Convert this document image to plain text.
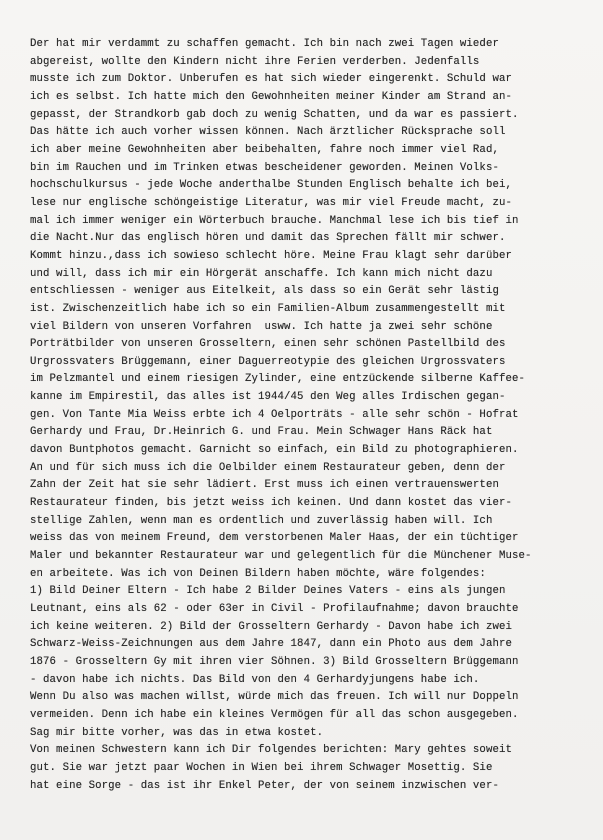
Der hat mir verdammt zu schaffen gemacht. Ich bin nach zwei Tagen wieder
abgereist, wollte den Kindern nicht ihre Ferien verderben. Jedenfalls
musste ich zum Doktor. Unberufen es hat sich wieder eingerenkt. Schuld war
ich es selbst. Ich hatte mich den Gewohnheiten meiner Kinder am Strand an-
gepasst, der Strandkorb gab doch zu wenig Schatten, und da war es passiert.
Das hätte ich auch vorher wissen können. Nach ärztlicher Rücksprache soll
ich aber meine Gewohnheiten aber beibehalten, fahre noch immer viel Rad,
bin im Rauchen und im Trinken etwas bescheidener geworden. Meinen Volks-
hochschulkursus - jede Woche anderthalbe Stunden Englisch behalte ich bei,
lese nur englische schöngeistige Literatur, was mir viel Freude macht, zu-
mal ich immer weniger ein Wörterbuch brauche. Manchmal lese ich bis tief in
die Nacht.Nur das englisch hören und damit das Sprechen fällt mir schwer.
Kommt hinzu.,dass ich sowieso schlecht höre. Meine Frau klagt sehr darüber
und will, dass ich mir ein Hörgerät anschaffe. Ich kann mich nicht dazu
entschliessen - weniger aus Eitelkeit, als dass so ein Gerät sehr lästig
ist. Zwischenzeitlich habe ich so ein Familien-Album zusammengestellt mit
viel Bildern von unseren Vorfahren  usww. Ich hatte ja zwei sehr schöne
Porträtbilder von unseren Grosseltern, einen sehr schönen Pastellbild des
Urgrossvaters Brüggemann, einer Daguerreotypie des gleichen Urgrossvaters
im Pelzmantel und einem riesigen Zylinder, eine entzückende silberne Kaffee-
kanne im Empirestil, das alles ist 1944/45 den Weg alles Irdischen gegan-
gen. Von Tante Mia Weiss erbte ich 4 Oelporträts - alle sehr schön - Hofrat
Gerhardy und Frau, Dr.Heinrich G. und Frau. Mein Schwager Hans Räck hat
davon Buntphotos gemacht. Garnicht so einfach, ein Bild zu photographieren.
An und für sich muss ich die Oelbilder einem Restaurateur geben, denn der
Zahn der Zeit hat sie sehr lädiert. Erst muss ich einen vertrauenswerten
Restaurateur finden, bis jetzt weiss ich keinen. Und dann kostet das vier-
stellige Zahlen, wenn man es ordentlich und zuverlässig haben will. Ich
weiss das von meinem Freund, dem verstorbenen Maler Haas, der ein tüchtiger
Maler und bekannter Restaurateur war und gelegentlich für die Münchener Muse-
en arbeitete. Was ich von Deinen Bildern haben möchte, wäre folgendes:
1) Bild Deiner Eltern - Ich habe 2 Bilder Deines Vaters - eins als jungen
Leutnant, eins als 62 - oder 63er in Civil - Profilaufnahme; davon brauchte
ich keine weiteren. 2) Bild der Grosseltern Gerhardy - Davon habe ich zwei
Schwarz-Weiss-Zeichnungen aus dem Jahre 1847, dann ein Photo aus dem Jahre
1876 - Grosseltern Gy mit ihren vier Söhnen. 3) Bild Grosseltern Brüggemann
- davon habe ich nichts. Das Bild von den 4 Gerhardyjungens habe ich.
Wenn Du also was machen willst, würde mich das freuen. Ich will nur Doppeln
vermeiden. Denn ich habe ein kleines Vermögen für all das schon ausgegeben.
Sag mir bitte vorher, was das in etwa kostet.
Von meinen Schwestern kann ich Dir folgendes berichten: Mary gehtes soweit
gut. Sie war jetzt paar Wochen in Wien bei ihrem Schwager Mosettig. Sie
hat eine Sorge - das ist ihr Enkel Peter, der von seinem inzwischen ver-
